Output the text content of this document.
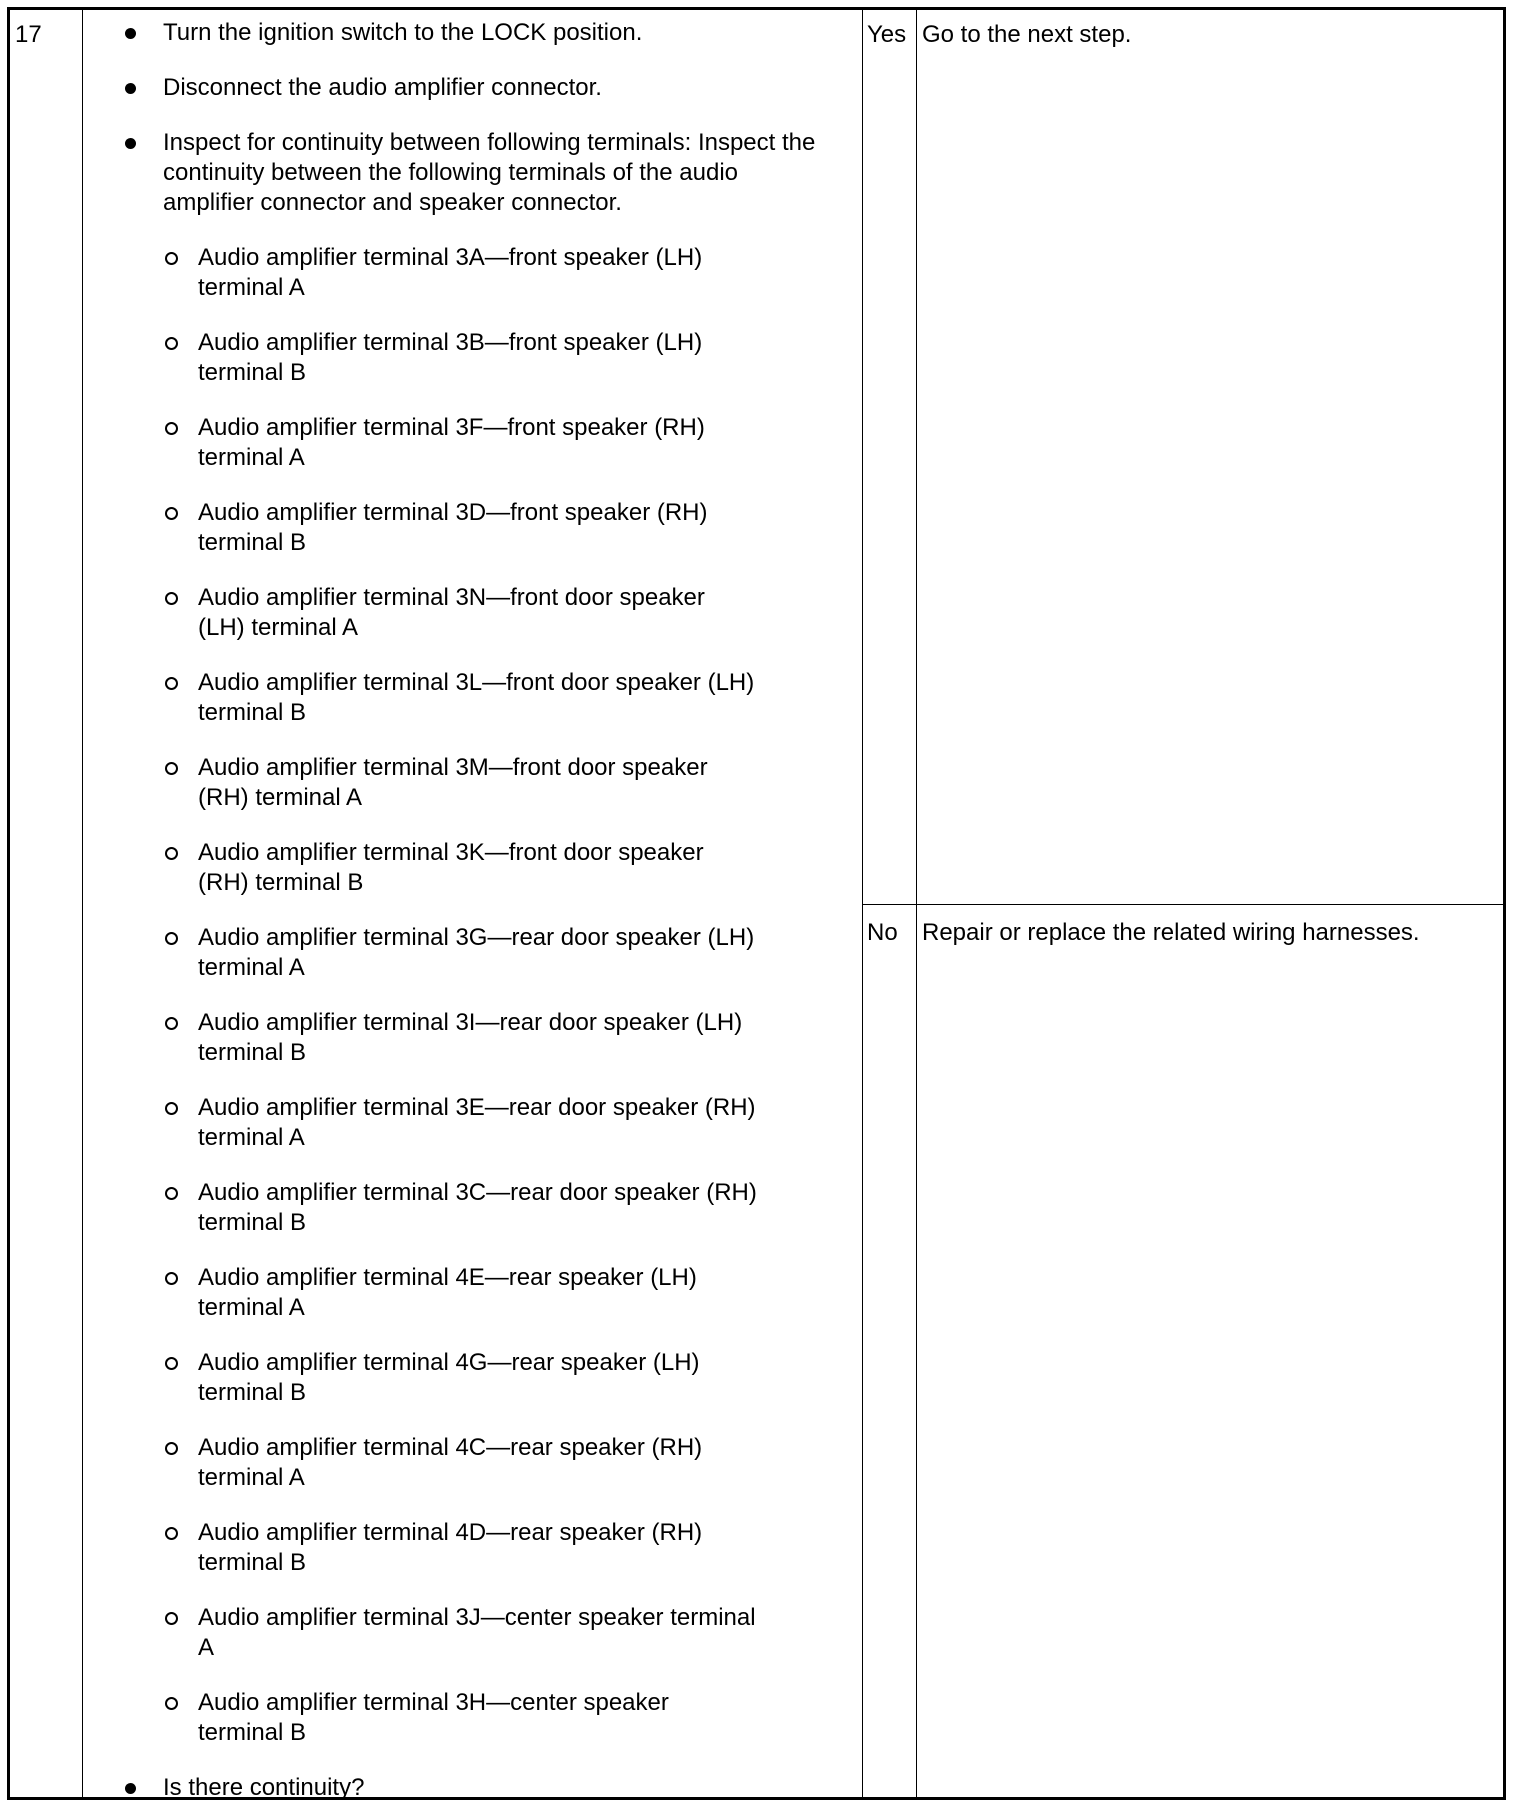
17	Turn the ignition switch to the LOCK position.
Disconnect the audio amplifier connector.
Inspect for continuity between following terminals: Inspect the continuity between the following terminals of the audio amplifier connector and speaker connector.
Audio amplifier terminal 3A—front speaker (LH) terminal A
Audio amplifier terminal 3B—front speaker (LH) terminal B
Audio amplifier terminal 3F—front speaker (RH) terminal A
Audio amplifier terminal 3D—front speaker (RH) terminal B
Audio amplifier terminal 3N—front door speaker (LH) terminal A
Audio amplifier terminal 3L—front door speaker (LH) terminal B
Audio amplifier terminal 3M—front door speaker (RH) terminal A
Audio amplifier terminal 3K—front door speaker (RH) terminal B
Audio amplifier terminal 3G—rear door speaker (LH) terminal A
Audio amplifier terminal 3I—rear door speaker (LH) terminal B
Audio amplifier terminal 3E—rear door speaker (RH) terminal A
Audio amplifier terminal 3C—rear door speaker (RH) terminal B
Audio amplifier terminal 4E—rear speaker (LH) terminal A
Audio amplifier terminal 4G—rear speaker (LH) terminal B
Audio amplifier terminal 4C—rear speaker (RH) terminal A
Audio amplifier terminal 4D—rear speaker (RH) terminal B
Audio amplifier terminal 3J—center speaker terminal A
Audio amplifier terminal 3H—center speaker terminal B
Is there continuity?
Yes Go to the next step.
No Repair or replace the related wiring harnesses.
